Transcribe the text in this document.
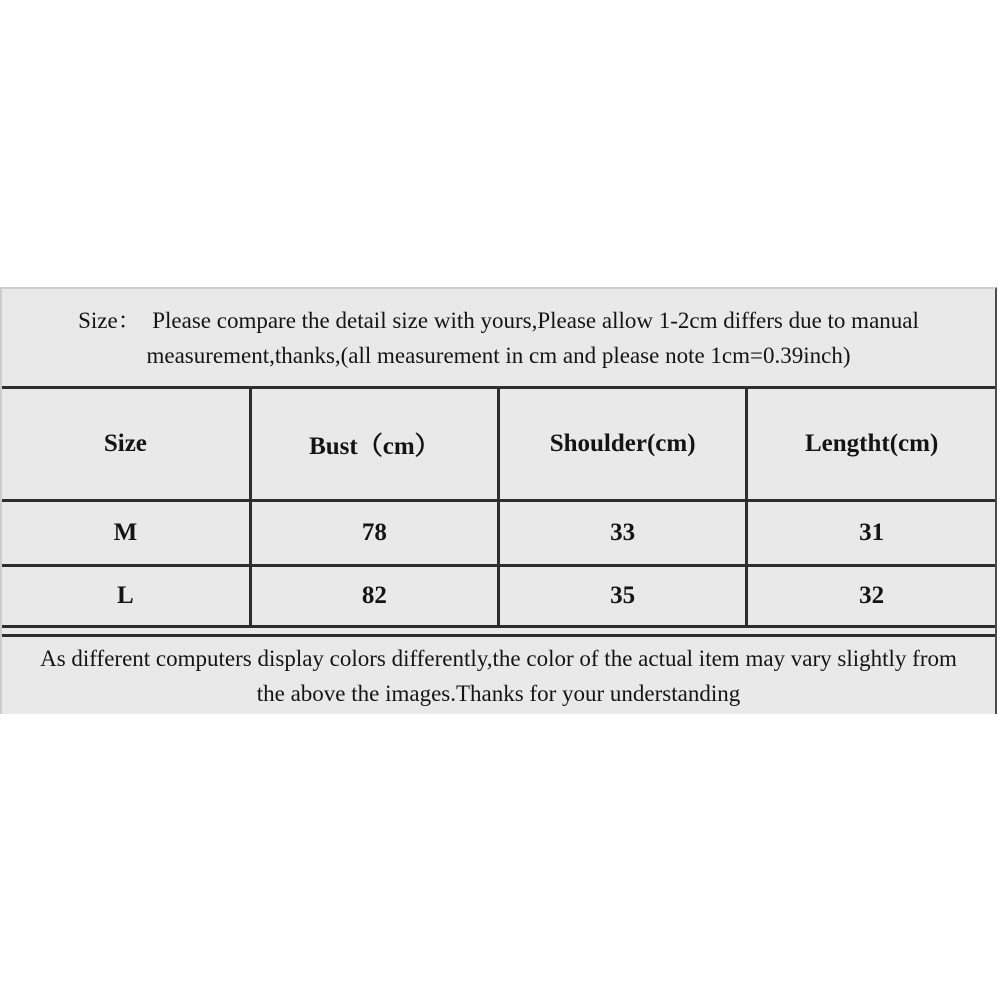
Size：  Please compare the detail size with yours,Please allow 1-2cm differs due to manual
measurement,thanks,(all measurement in cm and please note 1cm=0.39inch)
Size	Bust（cm）	Shoulder(cm)	Lengtht(cm)
M	78	33	31
L	82	35	32
As different computers display colors differently,the color of the actual item may vary slightly from
the above the images.Thanks for your understanding
